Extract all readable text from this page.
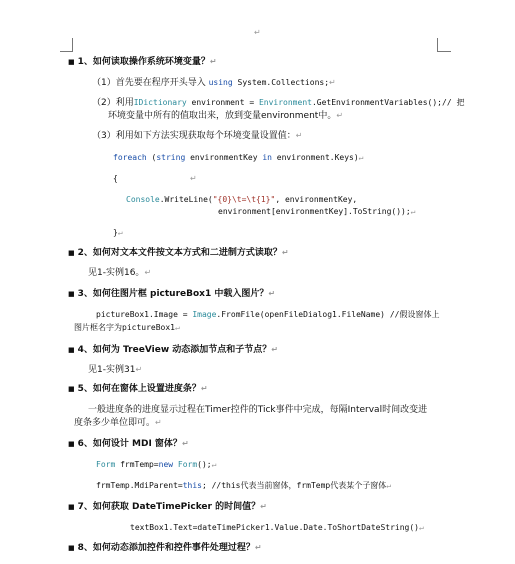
↵
■ 1、如何读取操作系统环境变量？↵
（1）首先要在程序开头导入 using System.Collections;↵
（2）利用IDictionary environment = Environment.GetEnvironmentVariables();// 把
环境变量中所有的值取出来，放到变量environment中。↵
（3）利用如下方法实现获取每个环境变量设置值：↵
foreach (string environmentKey in environment.Keys)↵
{	↵
Console.WriteLine("{0}\t=\t{1}", environmentKey,
environment[environmentKey].ToString());↵
}↵
■ 2、如何对文本文件按文本方式和二进制方式读取？↵
见1-实例16。↵
■ 3、如何往图片框 pictureBox1 中载入图片？↵
pictureBox1.Image = Image.FromFile(openFileDialog1.FileName) //假设窗体上
图片框名字为pictureBox1↵
■ 4、如何为 TreeView 动态添加节点和子节点？↵
见1-实例31↵
■ 5、如何在窗体上设置进度条？↵
一般进度条的进度显示过程在Timer控件的Tick事件中完成，每隔Interval时间改变进
度条多少单位即可。↵
■ 6、如何设计 MDI 窗体？↵
Form frmTemp=new Form();↵
frmTemp.MdiParent=this; //this代表当前窗体，frmTemp代表某个子窗体↵
■ 7、如何获取 DateTimePicker 的时间值？↵
textBox1.Text=dateTimePicker1.Value.Date.ToShortDateString()↵
■ 8、如何动态添加控件和控件事件处理过程？↵
